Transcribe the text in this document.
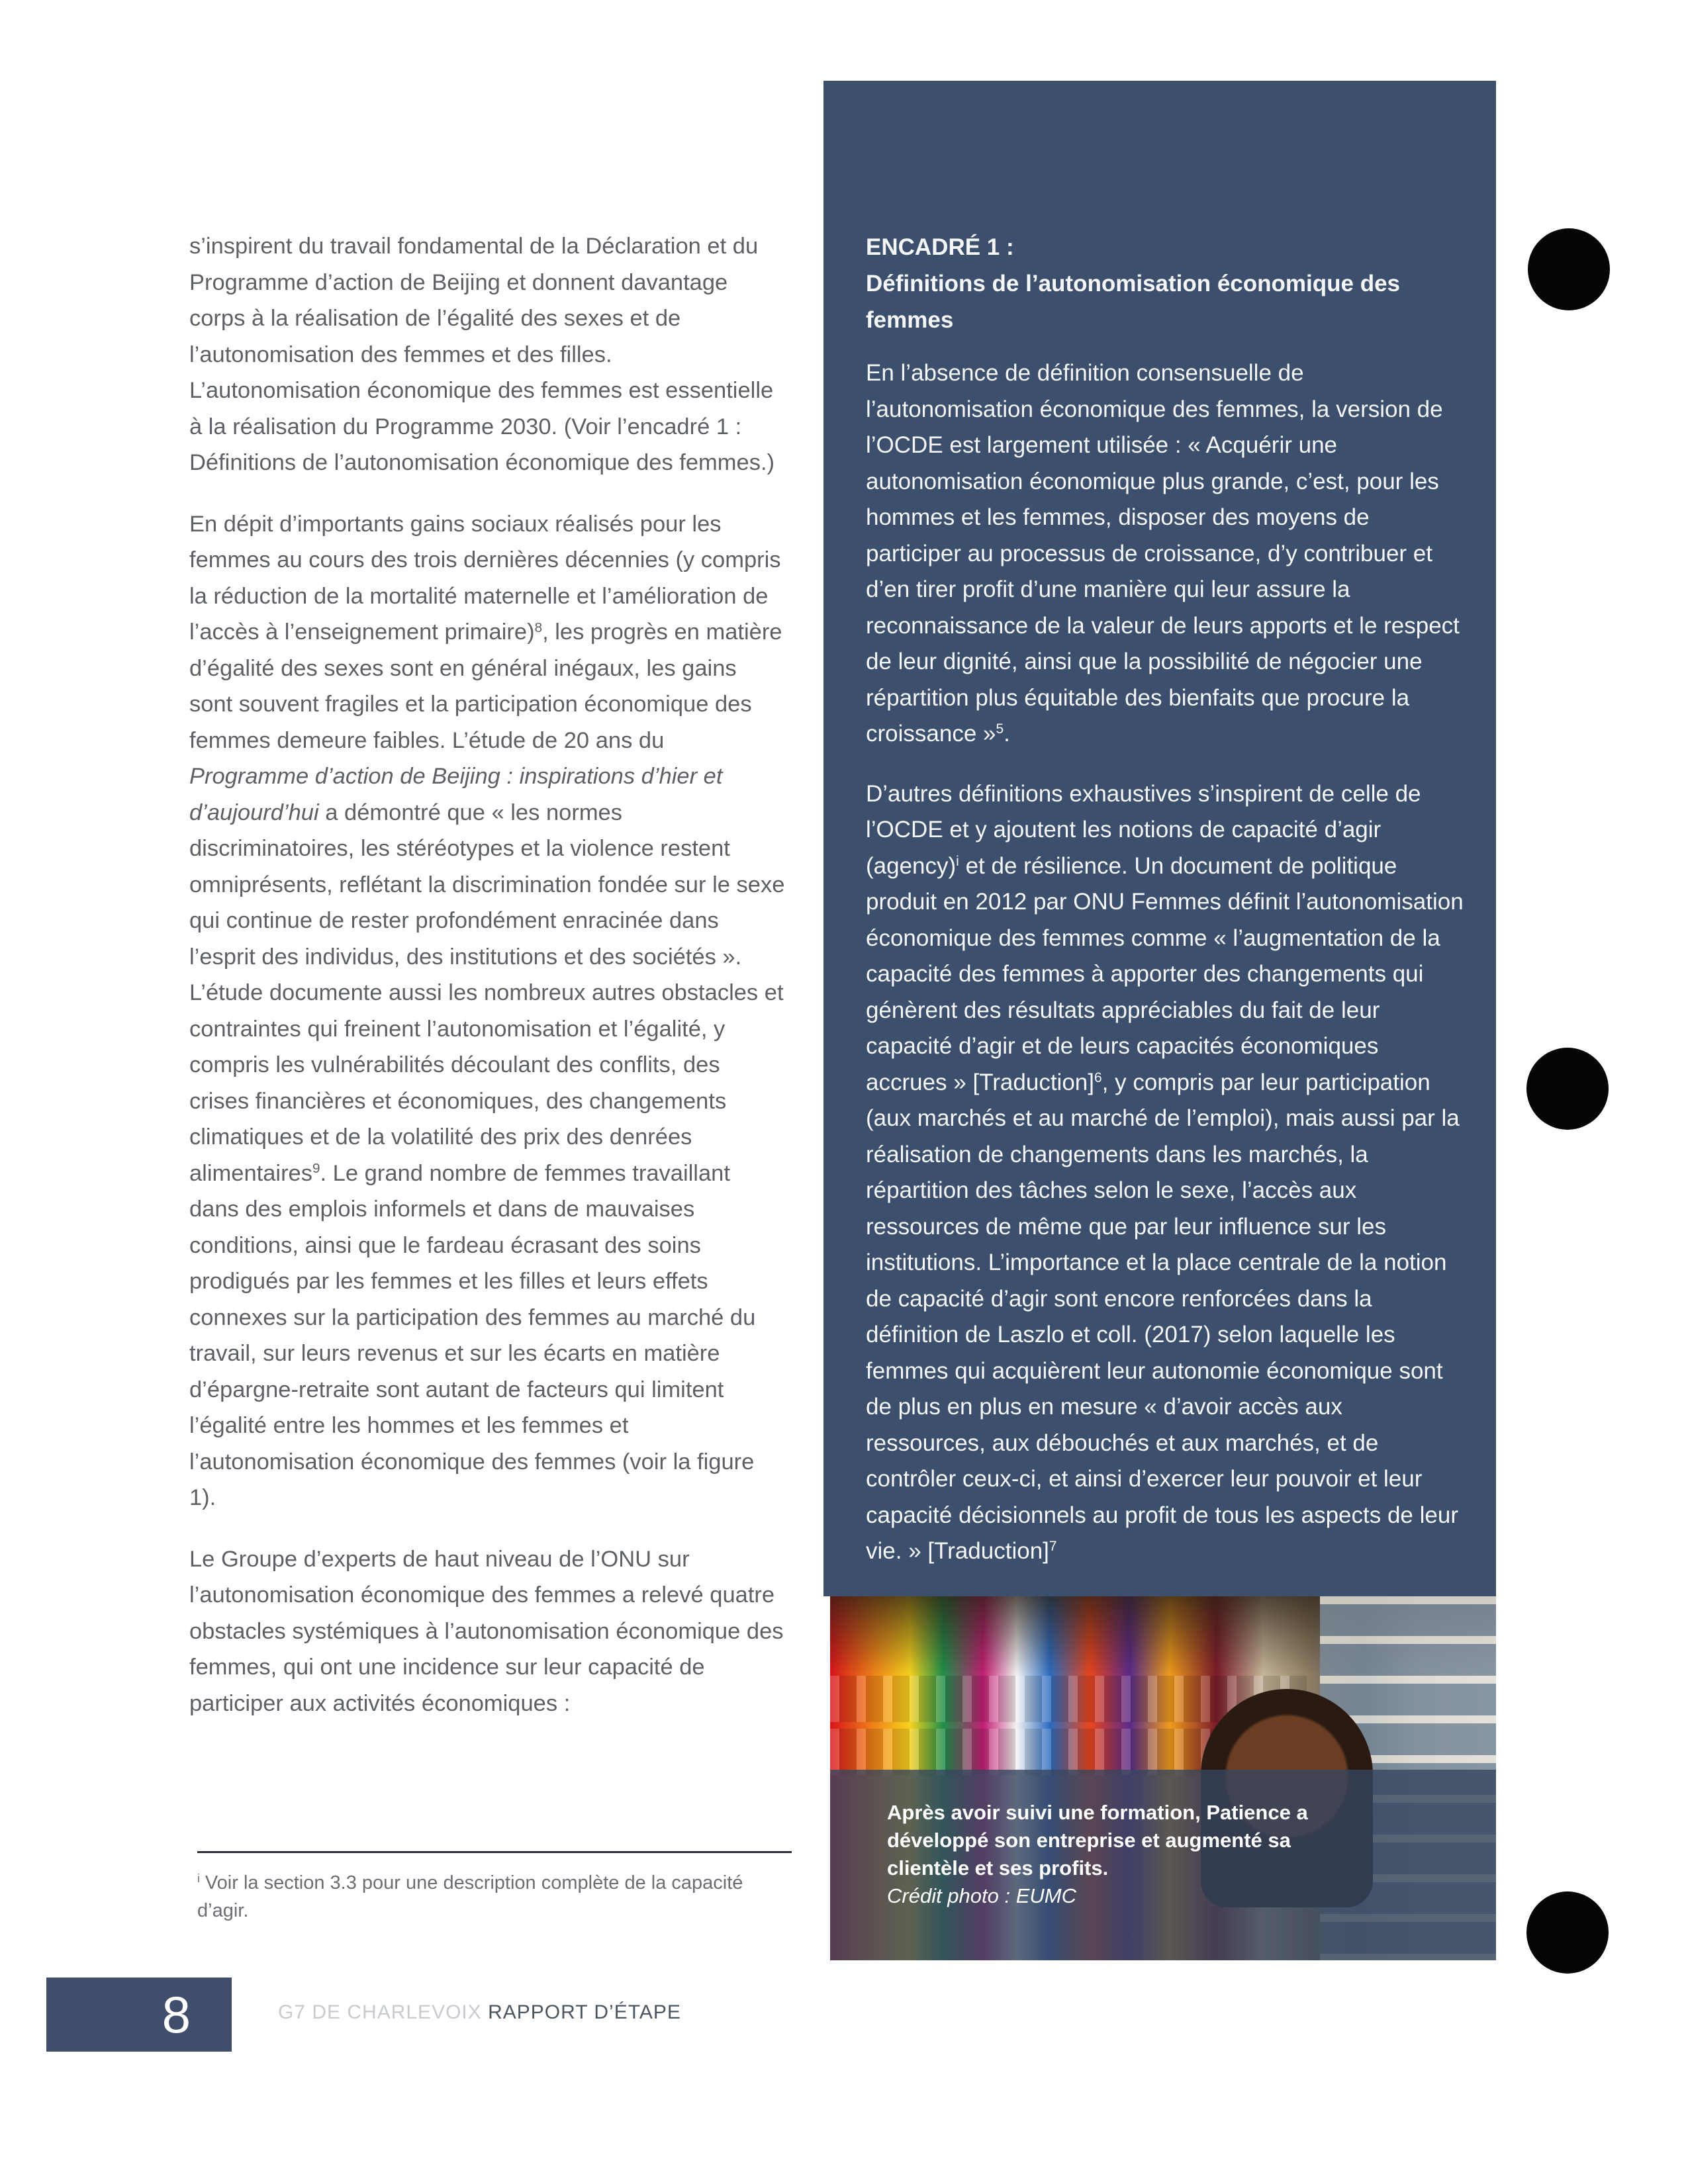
s’inspirent du travail fondamental de la Déclaration et du Programme d’action de Beijing et donnent davantage corps à la réalisation de l’égalité des sexes et de l’autonomisation des femmes et des filles. L’autonomisation économique des femmes est essentielle à la réalisation du Programme 2030. (Voir l’encadré 1 : Définitions de l’autonomisation économique des femmes.)

En dépit d’importants gains sociaux réalisés pour les femmes au cours des trois dernières décennies (y compris la réduction de la mortalité maternelle et l’amélioration de l’accès à l’enseignement primaire)$^8$, les progrès en matière d’égalité des sexes sont en général inégaux, les gains sont souvent fragiles et la participation économique des femmes demeure faibles. L’étude de 20 ans du Programme d’action de Beijing : inspirations d’hier et d’aujourd’hui a démontré que « les normes discriminatoires, les stéréotypes et la violence restent omniprésents, reflétant la discrimination fondée sur le sexe qui continue de rester profondément enracinée dans l’esprit des individus, des institutions et des sociétés ». L’étude documente aussi les nombreux autres obstacles et contraintes qui freinent l’autonomisation et l’égalité, y compris les vulnérabilités découlant des conflits, des crises financières et économiques, des changements climatiques et de la volatilité des prix des denrées alimentaires$^9$. Le grand nombre de femmes travaillant dans des emplois informels et dans de mauvaises conditions, ainsi que le fardeau écrasant des soins prodigués par les femmes et les filles et leurs effets connexes sur la participation des femmes au marché du travail, sur leurs revenus et sur les écarts en matière d’épargne-retraite sont autant de facteurs qui limitent l’égalité entre les hommes et les femmes et l’autonomisation économique des femmes (voir la figure 1).

Le Groupe d’experts de haut niveau de l’ONU sur l’autonomisation économique des femmes a relevé quatre obstacles systémiques à l’autonomisation économique des femmes, qui ont une incidence sur leur capacité de participer aux activités économiques :

$^i$ Voir la section 3.3 pour une description complète de la capacité d’agir.
ENCADRÉ 1 :
Définitions de l’autonomisation économique des femmes

En l’absence de définition consensuelle de l’autonomisation économique des femmes, la version de l’OCDE est largement utilisée : « Acquérir une autonomisation économique plus grande, c’est, pour les hommes et les femmes, disposer des moyens de participer au processus de croissance, d’y contribuer et d’en tirer profit d’une manière qui leur assure la reconnaissance de la valeur de leurs apports et le respect de leur dignité, ainsi que la possibilité de négocier une répartition plus équitable des bienfaits que procure la croissance »$^5$.

D’autres définitions exhaustives s’inspirent de celle de l’OCDE et y ajoutent les notions de capacité d’agir (agency)$^i$ et de résilience. Un document de politique produit en 2012 par ONU Femmes définit l’autonomisation économique des femmes comme « l’augmentation de la capacité des femmes à apporter des changements qui génèrent des résultats appréciables du fait de leur capacité d’agir et de leurs capacités économiques accrues » [Traduction]$^6$, y compris par leur participation (aux marchés et au marché de l’emploi), mais aussi par la réalisation de changements dans les marchés, la répartition des tâches selon le sexe, l’accès aux ressources de même que par leur influence sur les institutions. L’importance et la place centrale de la notion de capacité d’agir sont encore renforcées dans la définition de Laszlo et coll. (2017) selon laquelle les femmes qui acquièrent leur autonomie économique sont de plus en plus en mesure « d’avoir accès aux ressources, aux débouchés et aux marchés, et de contrôler ceux-ci, et ainsi d’exercer leur pouvoir et leur capacité décisionnels au profit de tous les aspects de leur vie. » [Traduction]$^7$

Après avoir suivi une formation, Patience a développé son entreprise et augmenté sa clientèle et ses profits.
Crédit photo : EUMC
8	G7 DE CHARLEVOIX RAPPORT D’ÉTAPE
